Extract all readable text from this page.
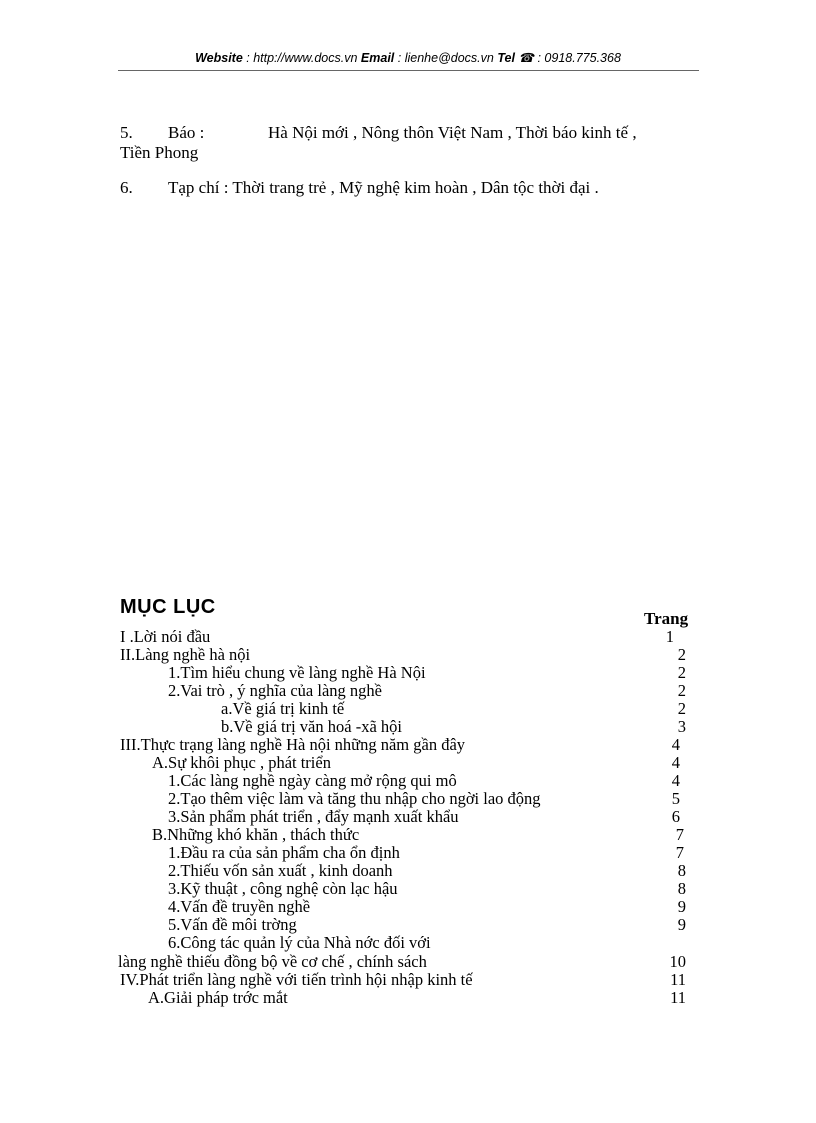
Website : http://www.docs.vn Email : lienhe@docs.vn Tel ☎ : 0918.775.368
5. Báo :	Hà Nội mới , Nông thôn Việt Nam , Thời báo kinh tế ,
Tiền Phong
6. Tạp chí : Thời trang trẻ , Mỹ nghệ kim hoàn , Dân tộc thời đại .
MỤC LỤC
Trang
I .Lời nói đầu	1
II.Làng nghề hà nội	2
1.Tìm hiểu chung về làng nghề Hà Nội	2
2.Vai trò , ý nghĩa của làng nghề	2
a.Về giá trị kinh tế	2
b.Về giá trị văn hoá -xã hội	3
III.Thực trạng làng nghề Hà nội những năm gần đây	4
A.Sự khôi phục , phát triển	4
1.Các làng nghề ngày càng mở rộng qui mô	4
2.Tạo thêm việc làm và tăng thu nhập cho ngời lao động	5
3.Sản phẩm phát triển , đẩy mạnh xuất khẩu	6
B.Những khó khăn , thách thức	7
1.Đầu ra của sản phẩm cha ổn định	7
2.Thiếu vốn sản xuất , kinh doanh	8
3.Kỹ thuật , công nghệ còn lạc hậu	8
4.Vấn đề truyền nghề	9
5.Vấn đề môi trờng	9
6.Công tác quản lý của Nhà nớc đối với
làng nghề thiếu đồng bộ về cơ chế , chính sách	10
IV.Phát triển làng nghề với tiến trình hội nhập kinh tế	11
A.Giải pháp trớc mắt	11
